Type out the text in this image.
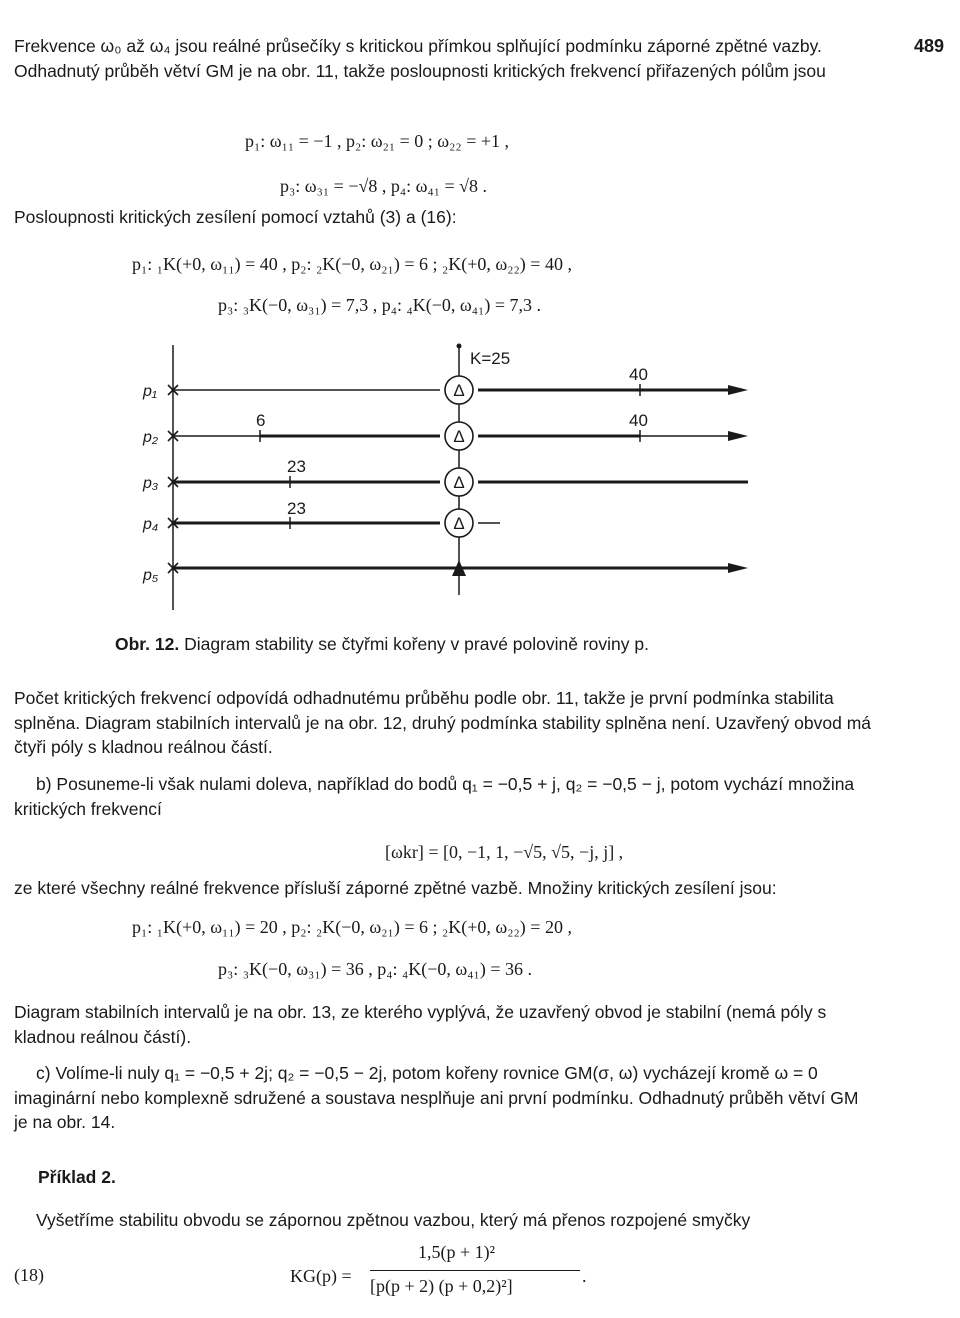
489

Frekvence ω₀ až ω₄ jsou reálné průsečíky s kritickou přímkou splňující podmínku záporné zpětné vazby. Odhadnutý průběh větví GM je na obr. 11, takže posloupnosti kritických frekvencí přiřazených pólům jsou

p₁: ω₁₁ = −1 , p₂: ω₂₁ = 0 ; ω₂₂ = +1 ,
p₃: ω₃₁ = −√8 , p₄: ω₄₁ = √8 .
Posloupnosti kritických zesílení pomocí vztahů (3) a (16):
p₁: ₁K(+0, ω₁₁) = 40 , p₂: ₂K(−0, ω₂₁) = 6 ; ₂K(+0, ω₂₂) = 40 ,
p₃: ₃K(−0, ω₃₁) = 7,3 , p₄: ₄K(−0, ω₄₁) = 7,3 .
K=25
40
p₁
6	40
p₂
23
p₃
23
p₄
p₅
Δ
Δ
Δ
Δ
Obr. 12. Diagram stability se čtyřmi kořeny v pravé polovině roviny p.

Počet kritických frekvencí odpovídá odhadnutému průběhu podle obr. 11, takže je první podmínka stabilita splněna. Diagram stabilních intervalů je na obr. 12, druhý podmínka stability splněna není. Uzavřený obvod má čtyři póly s kladnou reálnou částí.

b) Posuneme-li však nulami doleva, například do bodů q₁ = −0,5 + j, q₂ = −0,5 − j, potom vychází množina kritických frekvencí

[ωkr] = [0, −1, 1, −√5, √5, −j, j] ,
ze které všechny reálné frekvence přísluší záporné zpětné vazbě. Množiny kritických zesílení jsou:
p₁: ₁K(+0, ω₁₁) = 20 , p₂: ₂K(−0, ω₂₁) = 6 ; ₂K(+0, ω₂₂) = 20 ,
p₃: ₃K(−0, ω₃₁) = 36 , p₄: ₄K(−0, ω₄₁) = 36 .

Diagram stabilních intervalů je na obr. 13, ze kterého vyplývá, že uzavřený obvod je stabilní (nemá póly s kladnou reálnou částí).

c) Volíme-li nuly q₁ = −0,5 + 2j; q₂ = −0,5 − 2j, potom kořeny rovnice GM(σ, ω) vycházejí kromě ω = 0 imaginární nebo komplexně sdružené a soustava nesplňuje ani první podmínku. Odhadnutý průběh větví GM je na obr. 14.

Příklad 2.

Vyšetříme stabilitu obvodu se zápornou zpětnou vazbou, který má přenos rozpojené smyčky

(18)	KG(p) =
1,5(p + 1)²
[p(p + 2) (p + 0,2)²]	.
